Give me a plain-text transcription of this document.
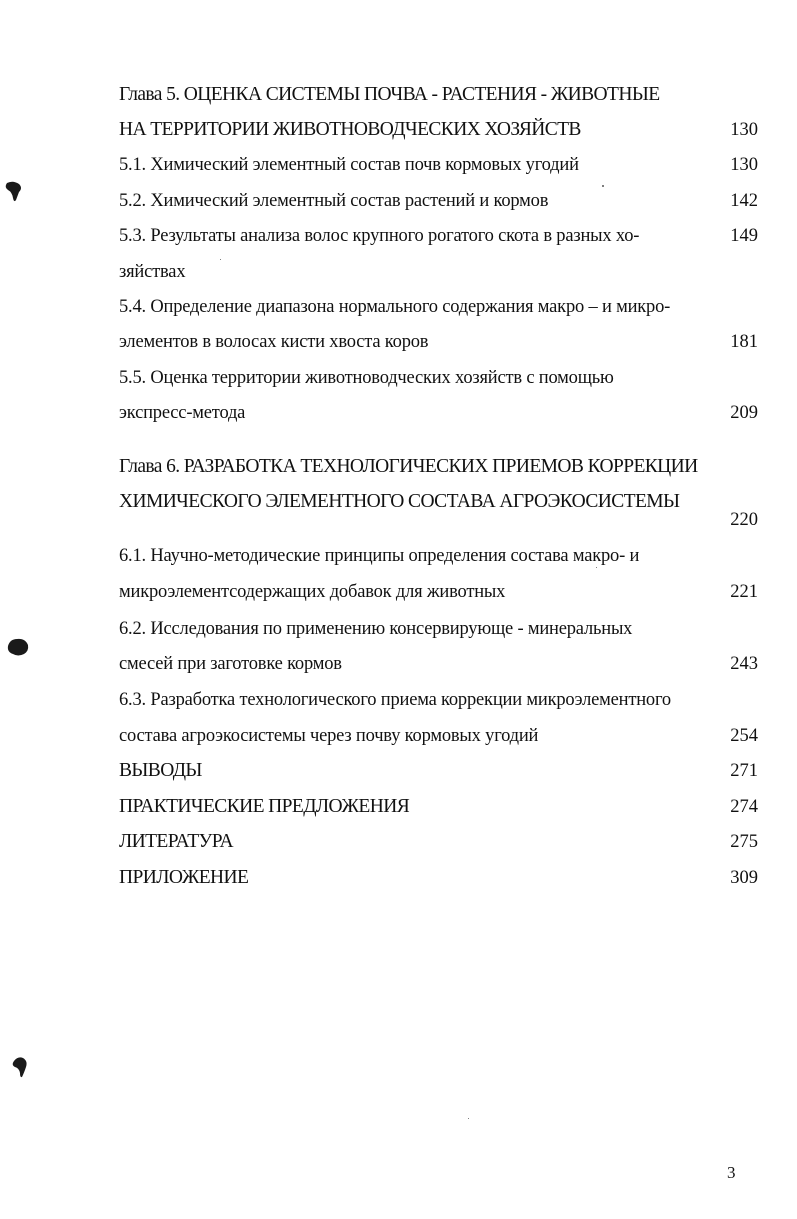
Глава 5. ОЦЕНКА СИСТЕМЫ ПОЧВА - РАСТЕНИЯ - ЖИВОТНЫЕ
НА ТЕРРИТОРИИ ЖИВОТНОВОДЧЕСКИХ ХОЗЯЙСТВ	130
5.1. Химический элементный состав почв кормовых угодий	130
5.2. Химический элементный состав растений и кормов	142
5.3. Результаты анализа волос крупного рогатого скота в разных хо-	149
зяйствах
5.4. Определение диапазона нормального содержания макро – и микро-
элементов в волосах кисти хвоста коров	181
5.5. Оценка территории животноводческих хозяйств с помощью
экспресс-метода	209
Глава 6. РАЗРАБОТКА ТЕХНОЛОГИЧЕСКИХ ПРИЕМОВ КОРРЕКЦИИ
ХИМИЧЕСКОГО ЭЛЕМЕНТНОГО СОСТАВА АГРОЭКОСИСТЕМЫ
220
6.1. Научно-методические принципы определения состава макро- и
микроэлементсодержащих добавок для животных	221
6.2. Исследования по применению консервирующе - минеральных
смесей при заготовке кормов	243
6.3. Разработка технологического приема коррекции микроэлементного
состава агроэкосистемы через почву кормовых угодий	254
ВЫВОДЫ	271
ПРАКТИЧЕСКИЕ ПРЕДЛОЖЕНИЯ	274
ЛИТЕРАТУРА	275
ПРИЛОЖЕНИЕ	309
3
